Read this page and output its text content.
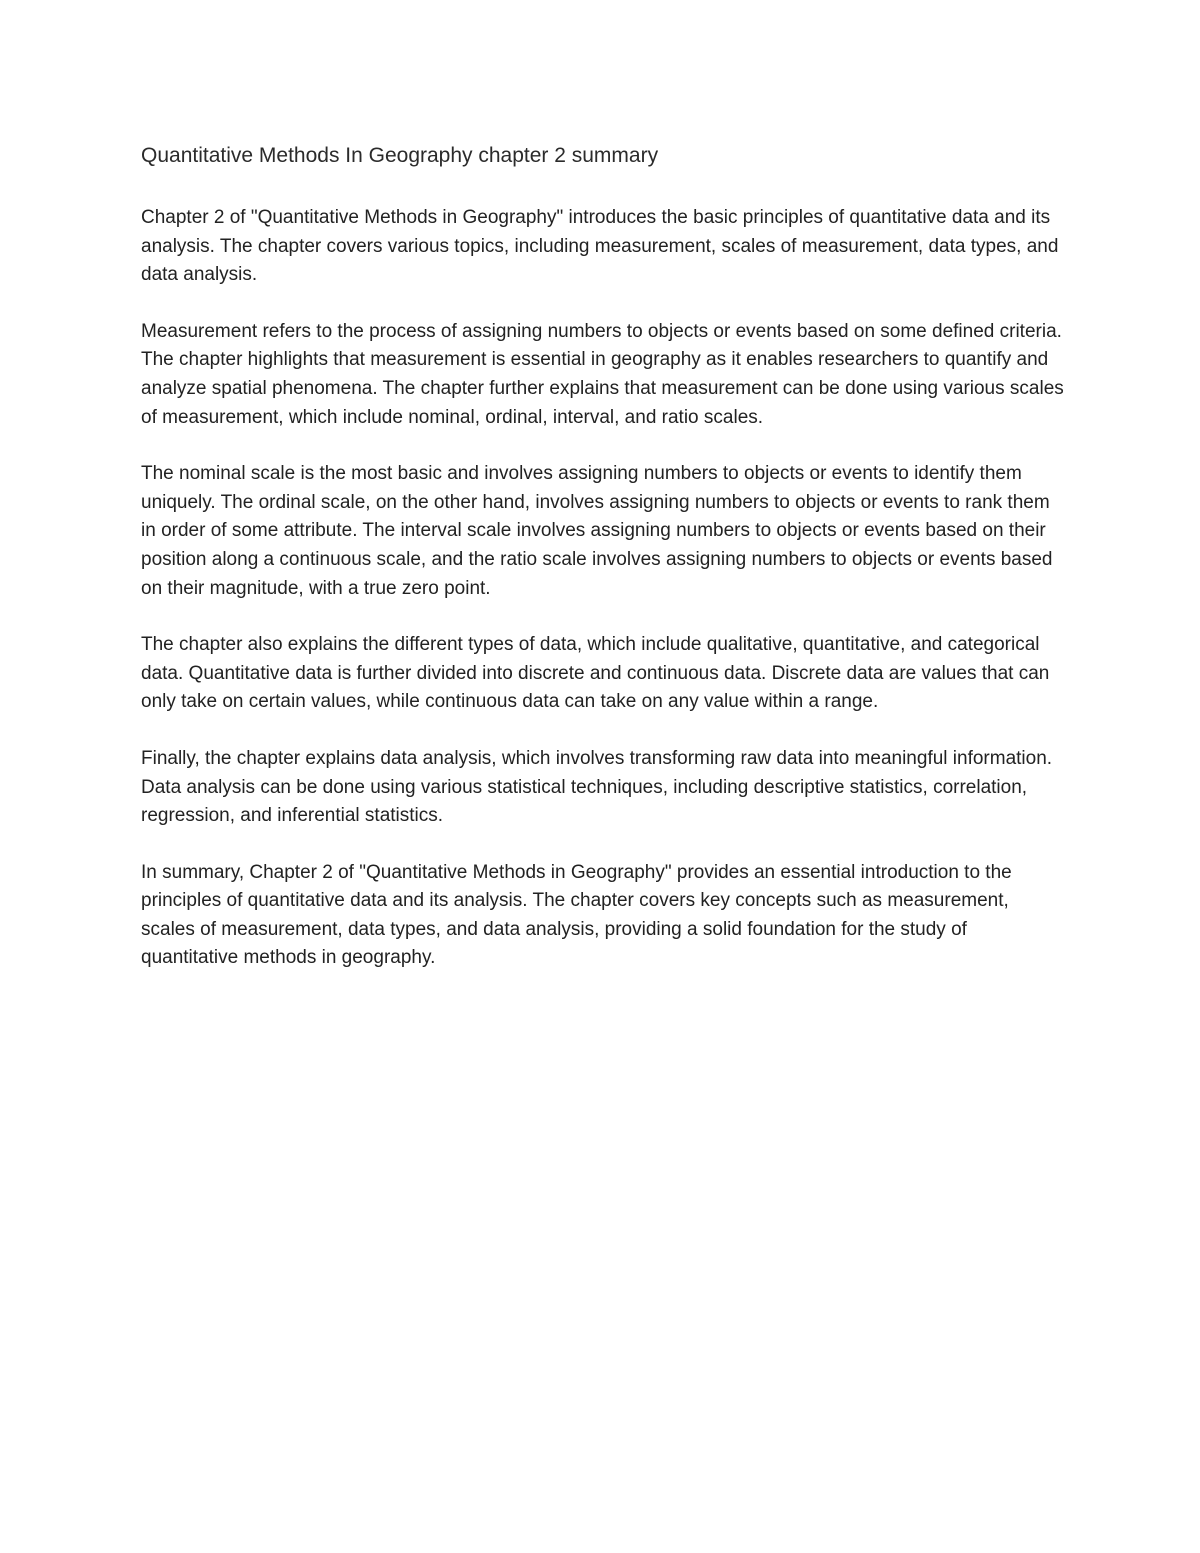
Quantitative Methods In Geography chapter 2 summary

Chapter 2 of "Quantitative Methods in Geography" introduces the basic principles of quantitative data and its analysis. The chapter covers various topics, including measurement, scales of measurement, data types, and data analysis.

Measurement refers to the process of assigning numbers to objects or events based on some defined criteria. The chapter highlights that measurement is essential in geography as it enables researchers to quantify and analyze spatial phenomena. The chapter further explains that measurement can be done using various scales of measurement, which include nominal, ordinal, interval, and ratio scales.

The nominal scale is the most basic and involves assigning numbers to objects or events to identify them uniquely. The ordinal scale, on the other hand, involves assigning numbers to objects or events to rank them in order of some attribute. The interval scale involves assigning numbers to objects or events based on their position along a continuous scale, and the ratio scale involves assigning numbers to objects or events based on their magnitude, with a true zero point.

The chapter also explains the different types of data, which include qualitative, quantitative, and categorical data. Quantitative data is further divided into discrete and continuous data. Discrete data are values that can only take on certain values, while continuous data can take on any value within a range.

Finally, the chapter explains data analysis, which involves transforming raw data into meaningful information. Data analysis can be done using various statistical techniques, including descriptive statistics, correlation, regression, and inferential statistics.

In summary, Chapter 2 of "Quantitative Methods in Geography" provides an essential introduction to the principles of quantitative data and its analysis. The chapter covers key concepts such as measurement, scales of measurement, data types, and data analysis, providing a solid foundation for the study of quantitative methods in geography.
